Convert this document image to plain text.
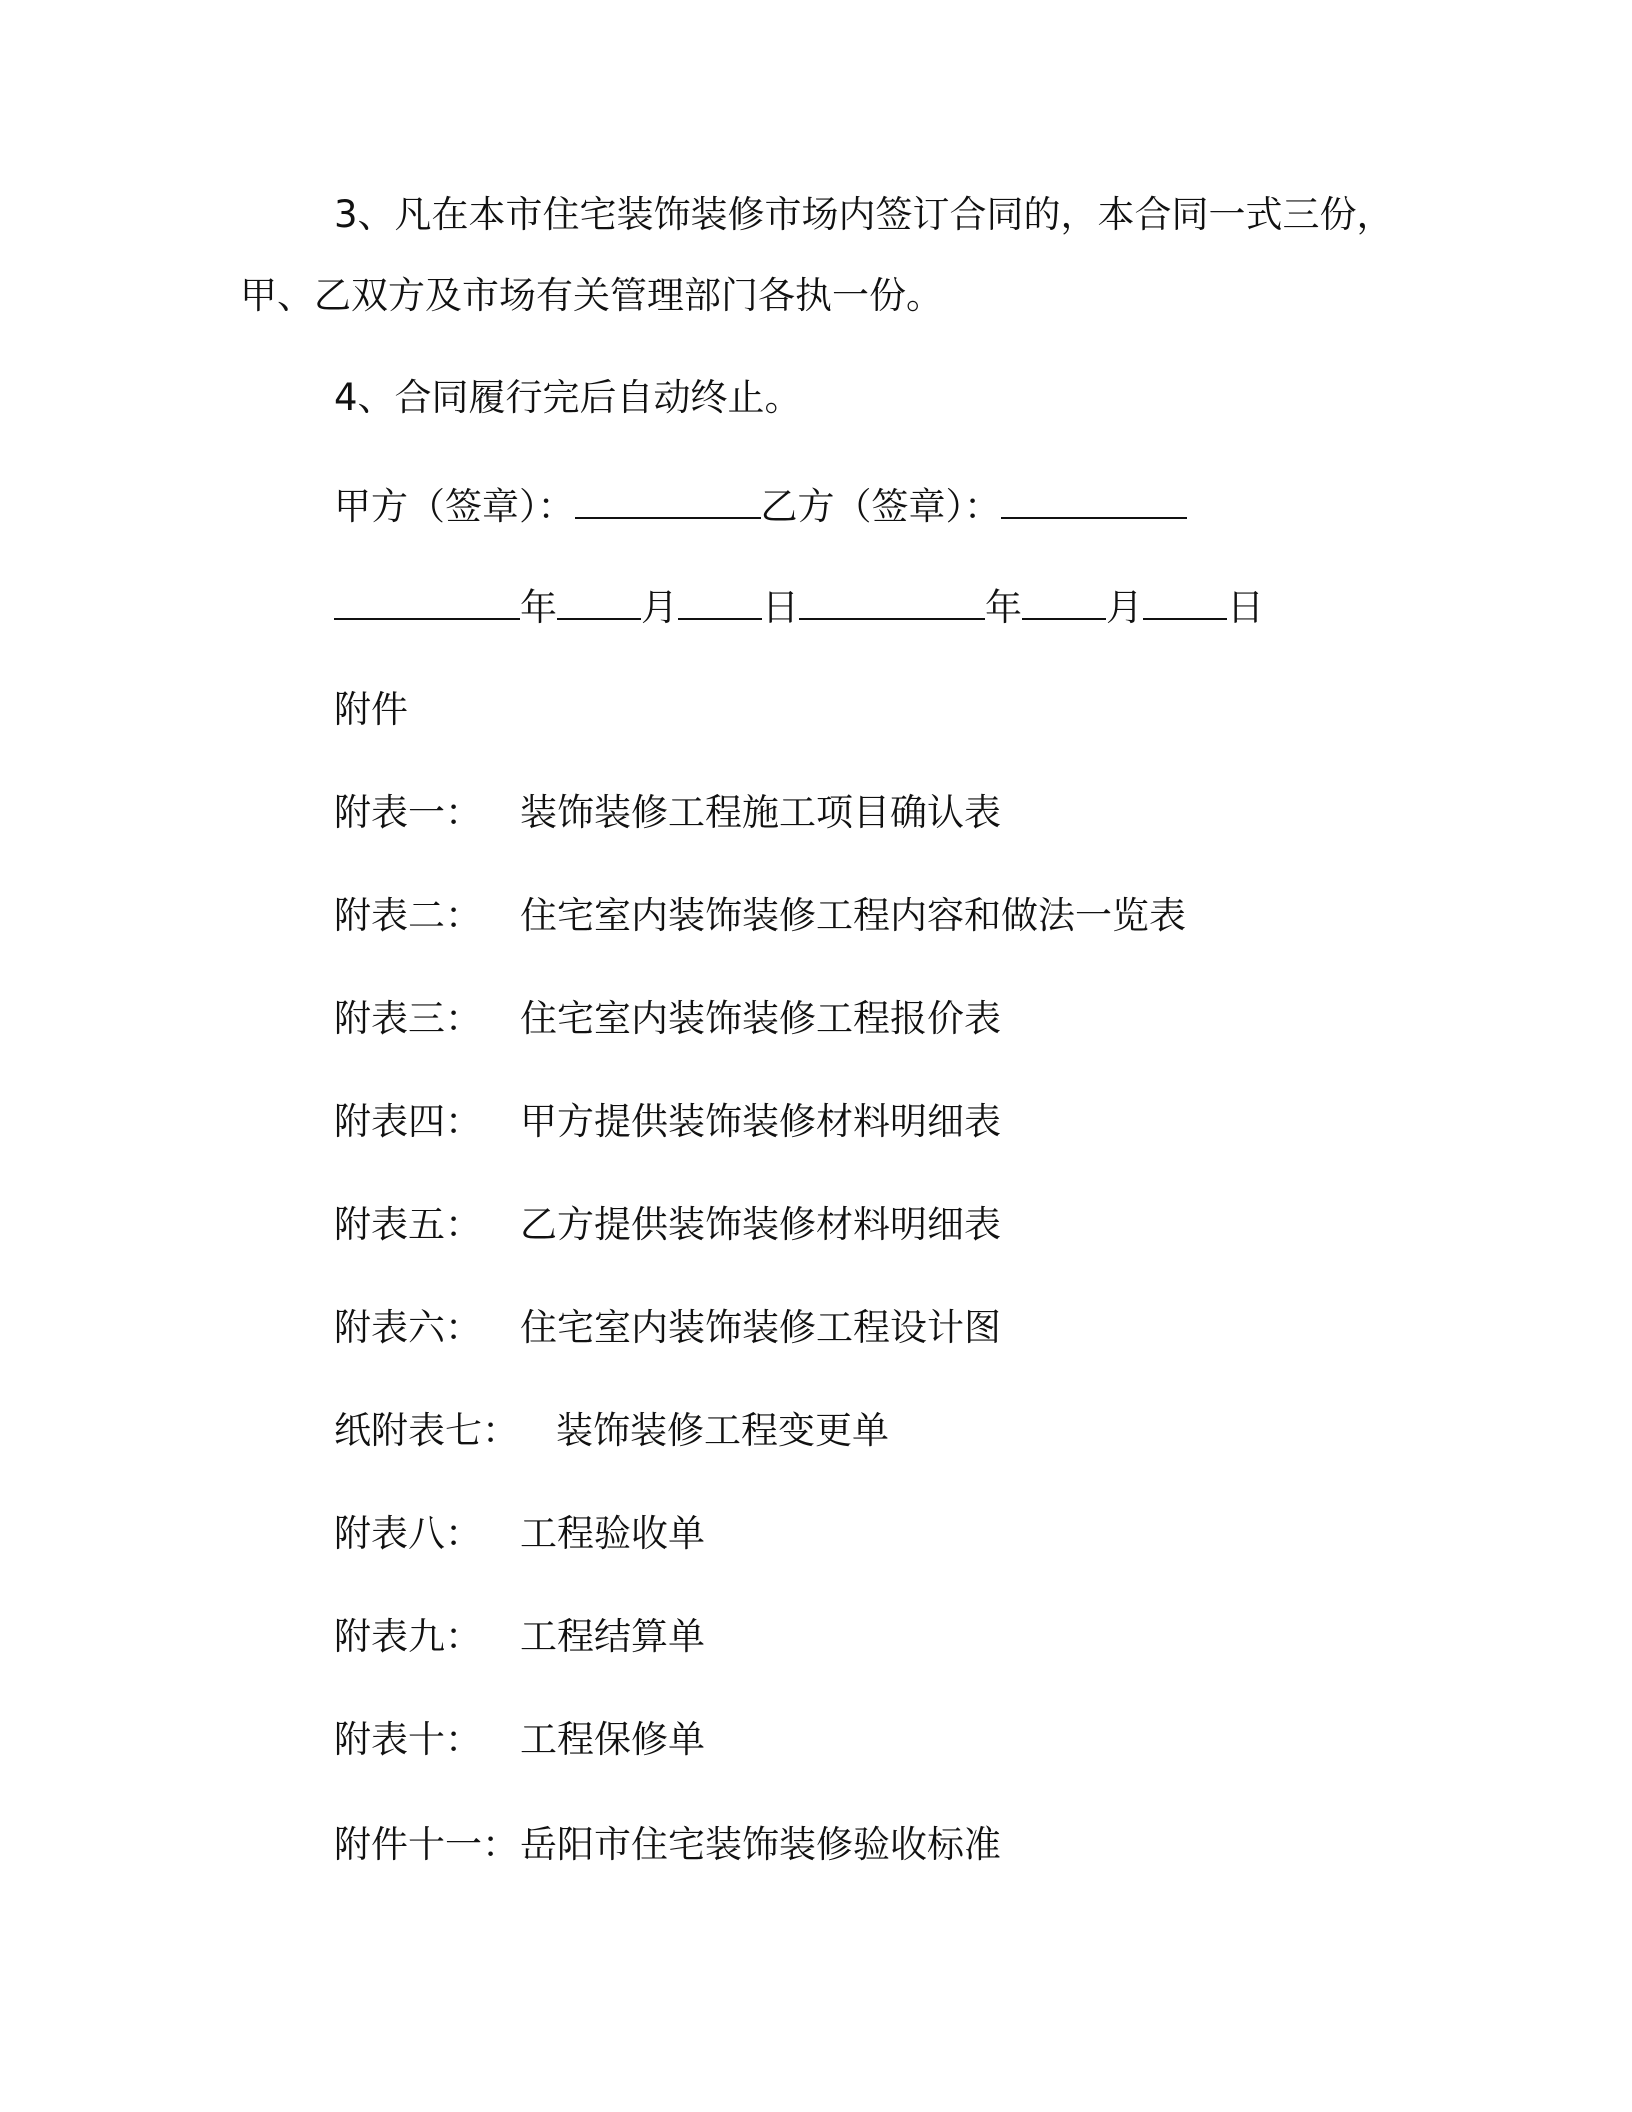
3、凡在本市住宅装饰装修市场内签订合同的，本合同一式三份，
甲、乙双方及市场有关管理部门各执一份。
4、合同履行完后自动终止。
甲方（签章）：	乙方（签章）：
年 月 日	年 月 日
附件
附表一： 装饰装修工程施工项目确认表
附表二： 住宅室内装饰装修工程内容和做法一览表
附表三： 住宅室内装饰装修工程报价表
附表四： 甲方提供装饰装修材料明细表
附表五： 乙方提供装饰装修材料明细表
附表六： 住宅室内装饰装修工程设计图
纸附表七： 装饰装修工程变更单
附表八： 工程验收单
附表九： 工程结算单
附表十： 工程保修单
附件十一：岳阳市住宅装饰装修验收标准
